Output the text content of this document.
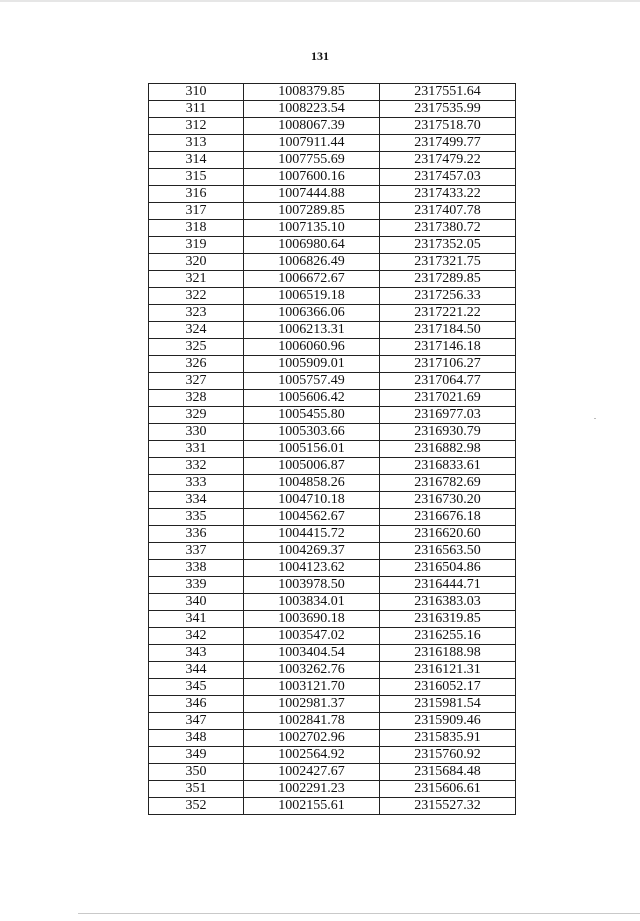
131
310	1008379.85	2317551.64
311	1008223.54	2317535.99
312	1008067.39	2317518.70
313	1007911.44	2317499.77
314	1007755.69	2317479.22
315	1007600.16	2317457.03
316	1007444.88	2317433.22
317	1007289.85	2317407.78
318	1007135.10	2317380.72
319	1006980.64	2317352.05
320	1006826.49	2317321.75
321	1006672.67	2317289.85
322	1006519.18	2317256.33
323	1006366.06	2317221.22
324	1006213.31	2317184.50
325	1006060.96	2317146.18
326	1005909.01	2317106.27
327	1005757.49	2317064.77
328	1005606.42	2317021.69
329	1005455.80	2316977.03
330	1005303.66	2316930.79
331	1005156.01	2316882.98
332	1005006.87	2316833.61
333	1004858.26	2316782.69
334	1004710.18	2316730.20
335	1004562.67	2316676.18
336	1004415.72	2316620.60
337	1004269.37	2316563.50
338	1004123.62	2316504.86
339	1003978.50	2316444.71
340	1003834.01	2316383.03
341	1003690.18	2316319.85
342	1003547.02	2316255.16
343	1003404.54	2316188.98
344	1003262.76	2316121.31
345	1003121.70	2316052.17
346	1002981.37	2315981.54
347	1002841.78	2315909.46
348	1002702.96	2315835.91
349	1002564.92	2315760.92
350	1002427.67	2315684.48
351	1002291.23	2315606.61
352	1002155.61	2315527.32
